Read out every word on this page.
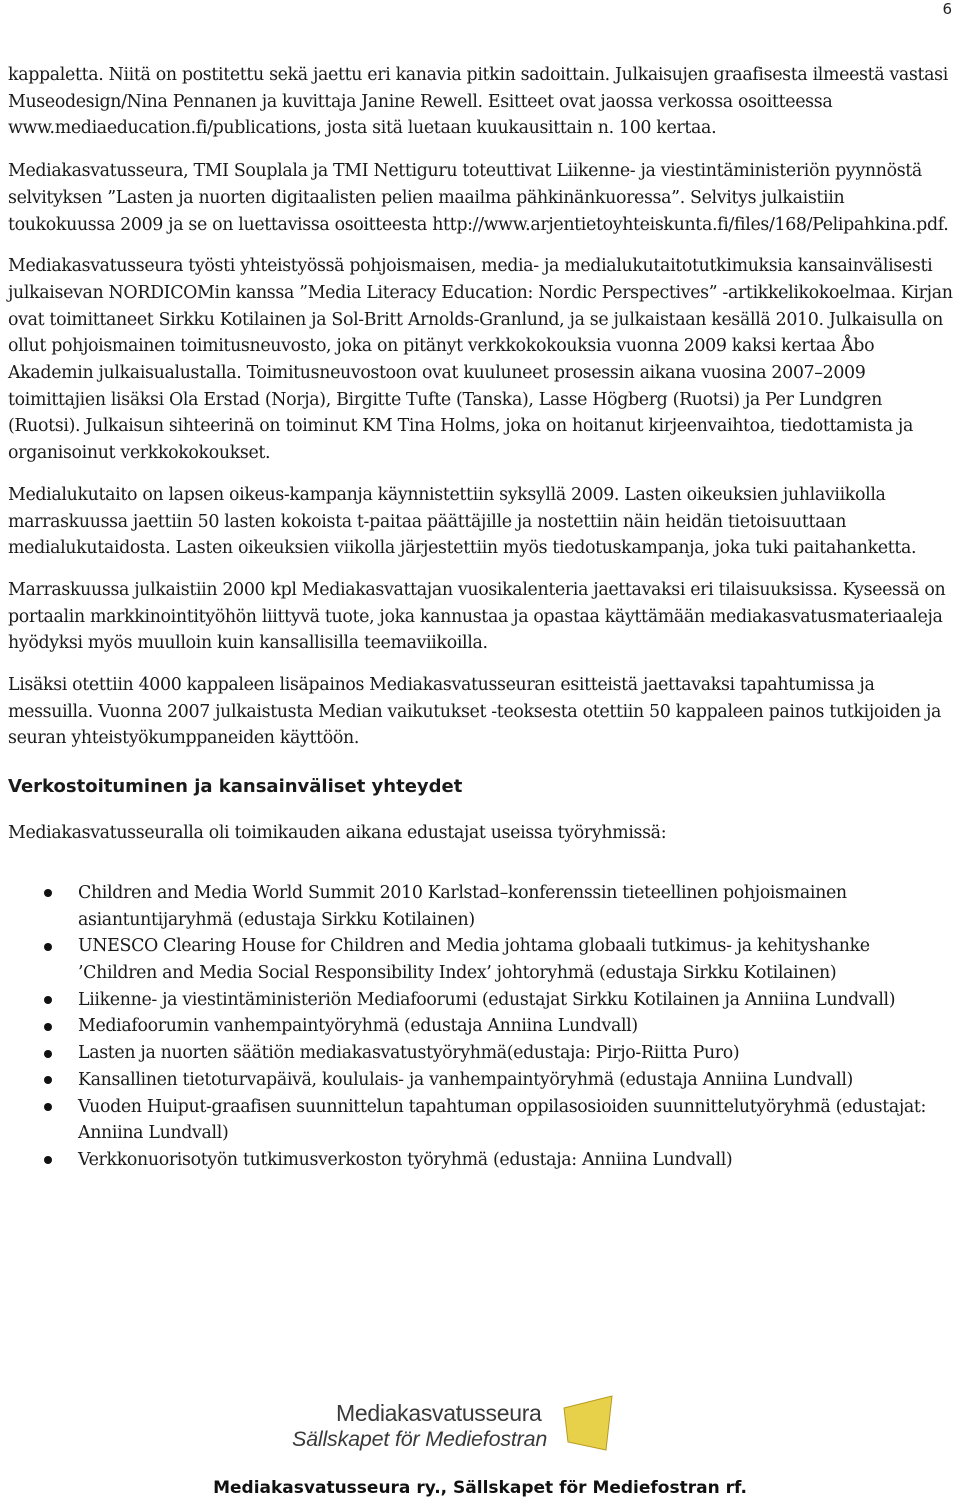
6

kappaletta. Niitä on postitettu sekä jaettu eri kanavia pitkin sadoittain. Julkaisujen graafisesta ilmeestä vastasi Museodesign/Nina Pennanen ja kuvittaja Janine Rewell. Esitteet ovat jaossa verkossa osoitteessa www.mediaeducation.fi/publications, josta sitä luetaan kuukausittain n. 100 kertaa.

Mediakasvatusseura, TMI Souplala ja TMI Nettiguru toteuttivat Liikenne- ja viestintäministeriön pyynnöstä selvityksen ”Lasten ja nuorten digitaalisten pelien maailma pähkinänkuoressa”. Selvitys julkaistiin toukokuussa 2009 ja se on luettavissa osoitteesta http://www.arjentietoyhteiskunta.fi/files/168/Pelipahkina.pdf.

Mediakasvatusseura työsti yhteistyössä pohjoismaisen, media- ja medialukutaitotutkimuksia kansainvälisesti julkaisevan NORDICOMin kanssa ”Media Literacy Education: Nordic Perspectives” -artikkelikokoelmaa. Kirjan ovat toimittaneet Sirkku Kotilainen ja Sol-Britt Arnolds-Granlund, ja se julkaistaan kesällä 2010. Julkaisulla on ollut pohjoismainen toimitusneuvosto, joka on pitänyt verkkokokouksia vuonna 2009 kaksi kertaa Åbo Akademin julkaisualustalla. Toimitusneuvostoon ovat kuuluneet prosessin aikana vuosina 2007–2009 toimittajien lisäksi Ola Erstad (Norja), Birgitte Tufte (Tanska), Lasse Högberg (Ruotsi) ja Per Lundgren (Ruotsi). Julkaisun sihteerinä on toiminut KM Tina Holms, joka on hoitanut kirjeenvaihtoa, tiedottamista ja organisoinut verkkokokoukset.

Medialukutaito on lapsen oikeus-kampanja käynnistettiin syksyllä 2009. Lasten oikeuksien juhlaviikolla marraskuussa jaettiin 50 lasten kokoista t-paitaa päättäjille ja nostettiin näin heidän tietoisuuttaan medialukutaidosta. Lasten oikeuksien viikolla järjestettiin myös tiedotuskampanja, joka tuki paitahanketta.

Marraskuussa julkaistiin 2000 kpl Mediakasvattajan vuosikalenteria jaettavaksi eri tilaisuuksissa. Kyseessä on portaalin markkinointityöhön liittyvä tuote, joka kannustaa ja opastaa käyttämään mediakasvatusmateriaaleja hyödyksi myös muulloin kuin kansallisilla teemaviikoilla.

Lisäksi otettiin 4000 kappaleen lisäpainos Mediakasvatusseuran esitteistä jaettavaksi tapahtumissa ja messuilla. Vuonna 2007 julkaistusta Median vaikutukset -teoksesta otettiin 50 kappaleen painos tutkijoiden ja seuran yhteistyökumppaneiden käyttöön.

Verkostoituminen ja kansainväliset yhteydet

Mediakasvatusseuralla oli toimikauden aikana edustajat useissa työryhmissä:

Children and Media World Summit 2010 Karlstad–konferenssin tieteellinen pohjoismainen asiantuntijaryhmä (edustaja Sirkku Kotilainen)
UNESCO Clearing House for Children and Media johtama globaali tutkimus- ja kehityshanke ’Children and Media Social Responsibility Index’ johtoryhmä (edustaja Sirkku Kotilainen)
Liikenne- ja viestintäministeriön Mediafoorumi (edustajat Sirkku Kotilainen ja Anniina Lundvall)
Mediafoorumin vanhempaintyöryhmä (edustaja Anniina Lundvall)
Lasten ja nuorten säätiön mediakasvatustyöryhmä(edustaja: Pirjo-Riitta Puro)
Kansallinen tietoturvapäivä, koululais- ja vanhempaintyöryhmä (edustaja Anniina Lundvall)
Vuoden Huiput-graafisen suunnittelun tapahtuman oppilasosioiden suunnittelutyöryhmä (edustajat: Anniina Lundvall)
Verkkonuorisotyön tutkimusverkoston työryhmä (edustaja: Anniina Lundvall)
Mediakasvatusseura
Sällskapet för Mediefostran
Mediakasvatusseura ry., Sällskapet för Mediefostran rf.
